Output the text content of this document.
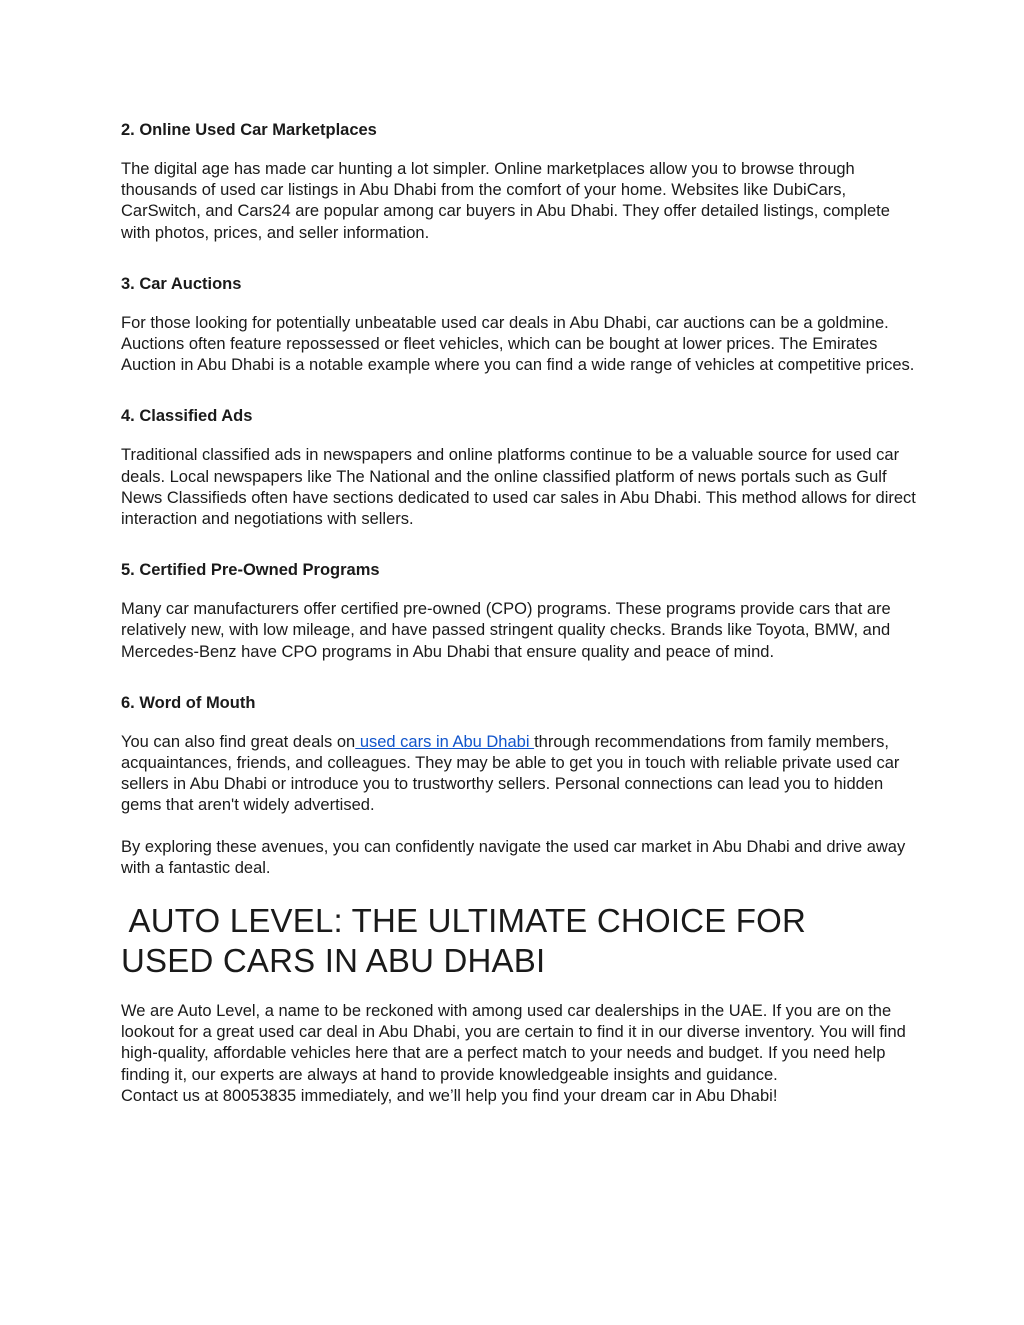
2. Online Used Car Marketplaces

The digital age has made car hunting a lot simpler. Online marketplaces allow you to browse through thousands of used car listings in Abu Dhabi from the comfort of your home. Websites like DubiCars, CarSwitch, and Cars24 are popular among car buyers in Abu Dhabi. They offer detailed listings, complete with photos, prices, and seller information.

3. Car Auctions

For those looking for potentially unbeatable used car deals in Abu Dhabi, car auctions can be a goldmine. Auctions often feature repossessed or fleet vehicles, which can be bought at lower prices. The Emirates Auction in Abu Dhabi is a notable example where you can find a wide range of vehicles at competitive prices.

4. Classified Ads

Traditional classified ads in newspapers and online platforms continue to be a valuable source for used car deals. Local newspapers like The National and the online classified platform of news portals such as Gulf News Classifieds often have sections dedicated to used car sales in Abu Dhabi. This method allows for direct interaction and negotiations with sellers.

5. Certified Pre-Owned Programs

Many car manufacturers offer certified pre-owned (CPO) programs. These programs provide cars that are relatively new, with low mileage, and have passed stringent quality checks. Brands like Toyota, BMW, and Mercedes-Benz have CPO programs in Abu Dhabi that ensure quality and peace of mind.

6. Word of Mouth

You can also find great deals on used cars in Abu Dhabi through recommendations from family members, acquaintances, friends, and colleagues. They may be able to get you in touch with reliable private used car sellers in Abu Dhabi or introduce you to trustworthy sellers. Personal connections can lead you to hidden gems that aren't widely advertised.

By exploring these avenues, you can confidently navigate the used car market in Abu Dhabi and drive away with a fantastic deal.

AUTO LEVEL: THE ULTIMATE CHOICE FOR
USED CARS IN ABU DHABI

We are Auto Level, a name to be reckoned with among used car dealerships in the UAE. If you are on the lookout for a great used car deal in Abu Dhabi, you are certain to find it in our diverse inventory. You will find high-quality, affordable vehicles here that are a perfect match to your needs and budget. If you need help finding it, our experts are always at hand to provide knowledgeable insights and guidance.

Contact us at 80053835 immediately, and we’ll help you find your dream car in Abu Dhabi!
